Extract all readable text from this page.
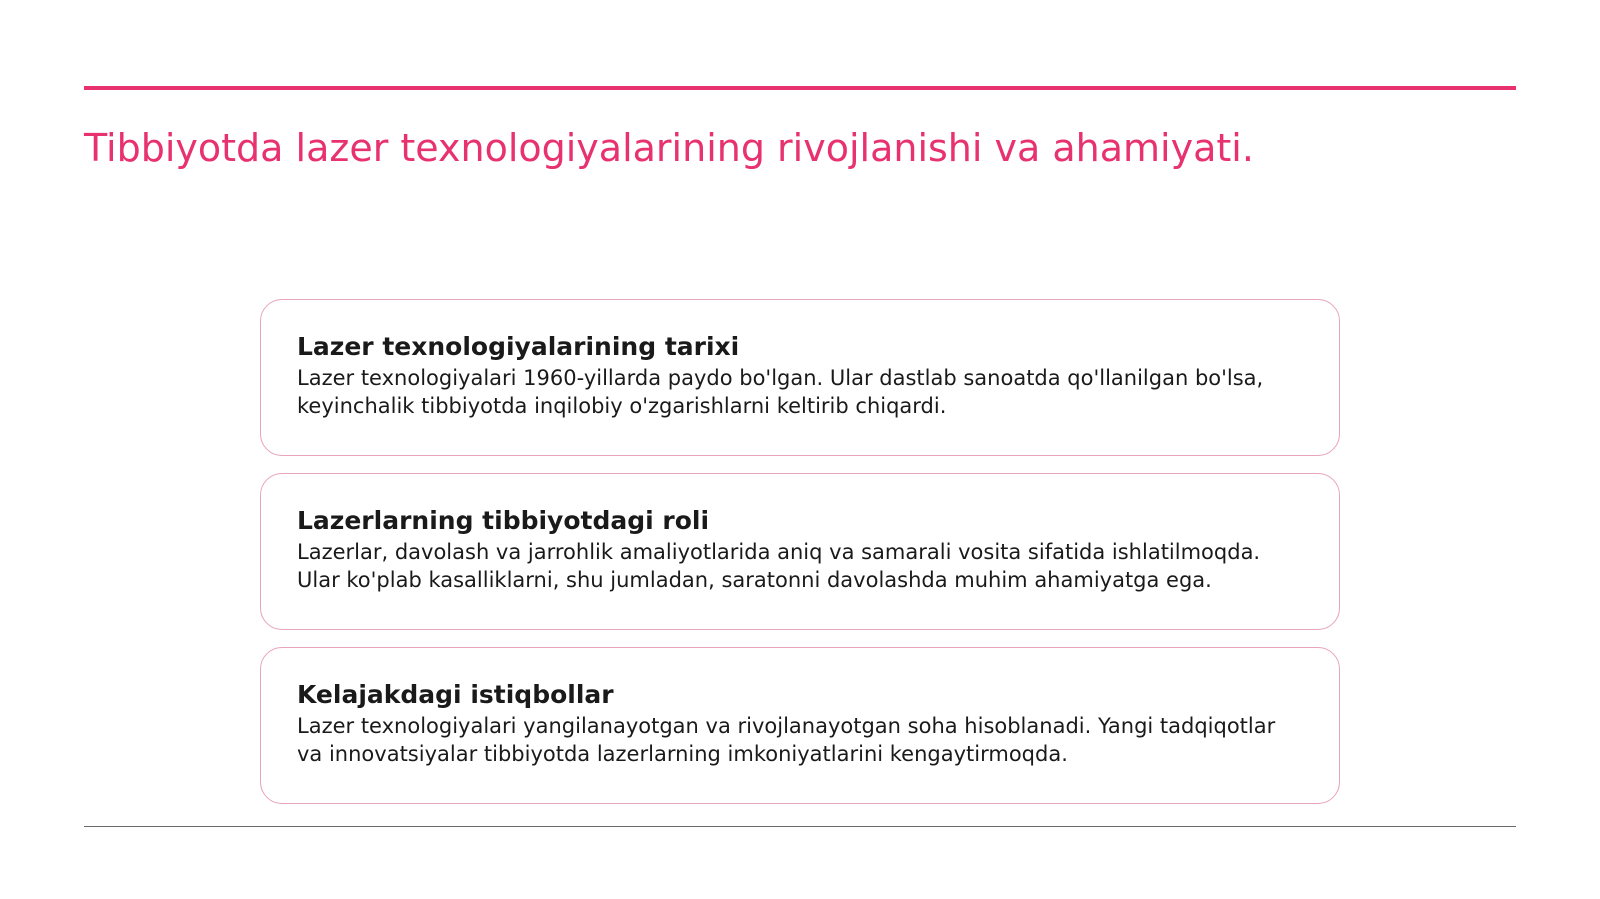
Tibbiyotda lazer texnologiyalarining rivojlanishi va ahamiyati.

Lazer texnologiyalarining tarixi

Lazer texnologiyalari 1960-yillarda paydo bo'lgan. Ular dastlab sanoatda qo'llanilgan bo'lsa, keyinchalik tibbiyotda inqilobiy o'zgarishlarni keltirib chiqardi.

Lazerlarning tibbiyotdagi roli

Lazerlar, davolash va jarrohlik amaliyotlarida aniq va samarali vosita sifatida ishlatilmoqda. Ular ko'plab kasalliklarni, shu jumladan, saratonni davolashda muhim ahamiyatga ega.

Kelajakdagi istiqbollar

Lazer texnologiyalari yangilanayotgan va rivojlanayotgan soha hisoblanadi. Yangi tadqiqotlar va innovatsiyalar tibbiyotda lazerlarning imkoniyatlarini kengaytirmoqda.
